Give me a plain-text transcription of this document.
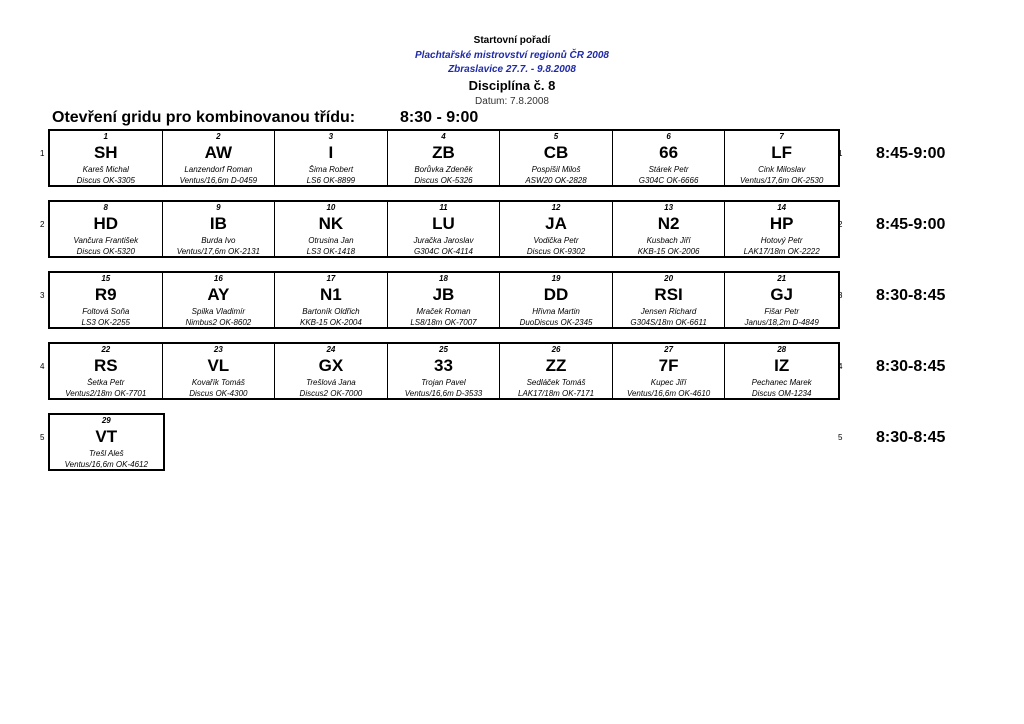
Startovní pořadí
Plachtařské mistrovství regionů ČR 2008
Zbraslavice 27.7. - 9.8.2008
Disciplína č. 8
Datum: 7.8.2008
Otevření gridu pro kombinovanou třídu:	8:30 - 9:00
1
1
SH
Kareš Michal
Discus OK-3305
2
AW
Lanzendorf Roman
Ventus/16,6m D-0459
3
I
Šima Robert
LS6 OK-8899
4
ZB
Borůvka Zdeněk
Discus OK-5326
5
CB
Pospíšil Miloš
ASW20 OK-2828
6
66
Stárek Petr
G304C OK-6666
7
LF
Cink Miloslav
Ventus/17,6m OK-2530
1 8:45-9:00
2
8
HD
Vančura František
Discus OK-5320
9
IB
Burda Ivo
Ventus/17,6m OK-2131
10
NK
Otrusina Jan
LS3 OK-1418
11
LU
Juračka Jaroslav
G304C OK-4114
12
JA
Vodička Petr
Discus OK-9302
13
N2
Kusbach Jiří
KKB-15 OK-2006
14
HP
Hotový Petr
LAK17/18m OK-2222
2 8:45-9:00
3
15
R9
Foltová Soňa
LS3 OK-2255
16
AY
Spilka Vladimír
Nimbus2 OK-8602
17
N1
Bartoník Oldřich
KKB-15 OK-2004
18
JB
Mraček Roman
LS8/18m OK-7007
19
DD
Hřivna Martin
DuoDiscus OK-2345
20
RSI
Jensen Richard
G304S/18m OK-6611
21
GJ
Fišar Petr
Janus/18,2m D-4849
3 8:30-8:45
4
22
RS
Šetka Petr
Ventus2/18m OK-7701
23
VL
Kovařík Tomáš
Discus OK-4300
24
GX
Trešlová Jana
Discus2 OK-7000
25
33
Trojan Pavel
Ventus/16,6m D-3533
26
ZZ
Sedláček Tomáš
LAK17/18m OK-7171
27
7F
Kupec Jiří
Ventus/16,6m OK-4610
28
IZ
Pechanec Marek
Discus OM-1234
4 8:30-8:45
5
29
VT
Trešl Aleš
Ventus/16,6m OK-4612
5 8:30-8:45
